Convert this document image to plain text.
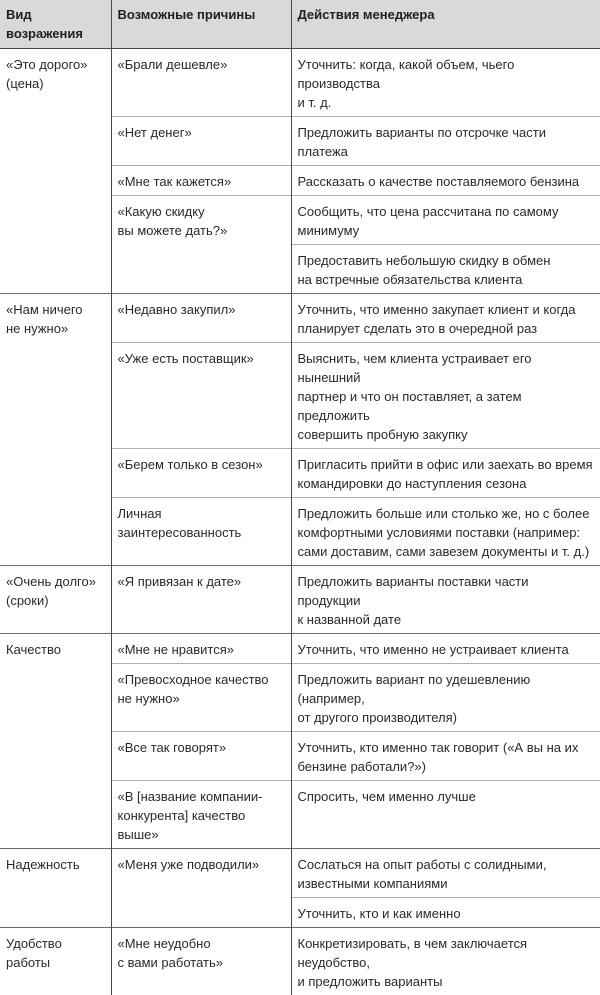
Вид возражения	Возможные причины	Действия менеджера

«Это дорого»
(цена)	«Брали дешевле»	Уточнить: когда, какой объем, чьего производства
и т. д.

	«Нет денег»	Предложить варианты по отсрочке части платежа

	«Мне так кажется»	Рассказать о качестве поставляемого бензина

	«Какую скидку
вы можете дать?»	Сообщить, что цена рассчитана по самому
минимуму

		Предоставить небольшую скидку в обмен
на встречные обязательства клиента

«Нам ничего
не нужно»	«Недавно закупил»	Уточнить, что именно закупает клиент и когда
планирует сделать это в очередной раз

	«Уже есть поставщик»	Выяснить, чем клиента устраивает его нынешний
партнер и что он поставляет, а затем предложить
совершить пробную закупку

	«Берем только в сезон»	Пригласить прийти в офис или заехать во время
командировки до наступления сезона

	Личная заинтересованность	Предложить больше или столько же, но с более
комфортными условиями поставки (например:
сами доставим, сами завезем документы и т. д.)

«Очень долго»
(сроки)	«Я привязан к дате»	Предложить варианты поставки части продукции
к названной дате

Качество	«Мне не нравится»	Уточнить, что именно не устраивает клиента

	«Превосходное качество
не нужно»	Предложить вариант по удешевлению (например,
от другого производителя)

	«Все так говорят»	Уточнить, кто именно так говорит («А вы на их
бензине работали?»)

	«В [название компании-
конкурента] качество выше»	Спросить, чем именно лучше

Надежность	«Меня уже подводили»	Сослаться на опыт работы с солидными,
известными компаниями

		Уточнить, кто и как именно

Удобство работы	«Мне неудобно
с вами работать»	Конкретизировать, в чем заключается неудобство,
и предложить варианты
